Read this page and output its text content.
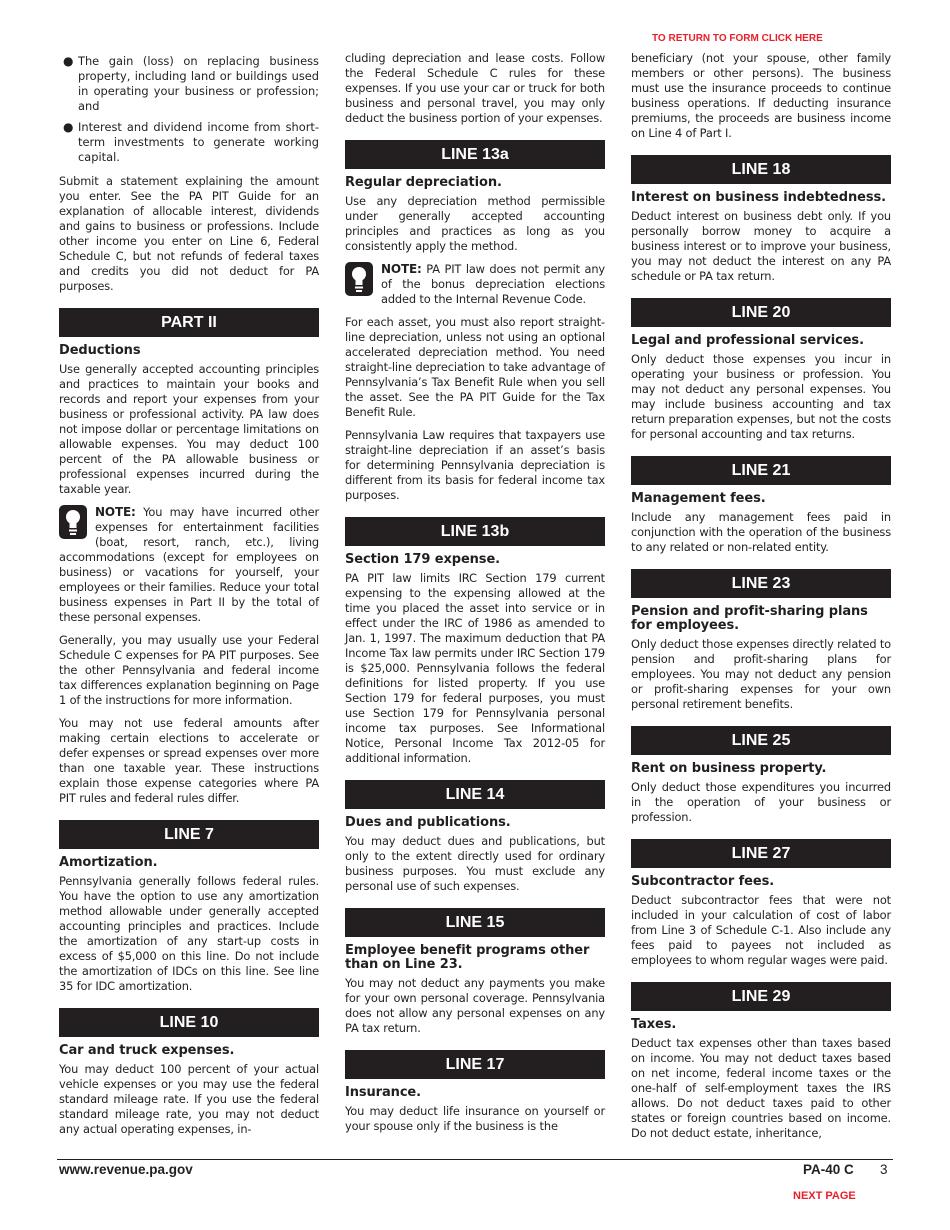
TO RETURN TO FORM CLICK HERE
● The gain (loss) on replacing business property, including land or buildings used in operating your business or profession; and
● Interest and dividend income from short-term investments to generate working capital.

Submit a statement explaining the amount you enter. See the PA PIT Guide for an explanation of allocable interest, dividends and gains to business or professions. Include other income you enter on Line 6, Federal Schedule C, but not refunds of federal taxes and credits you did not deduct for PA purposes.

PART II
Deductions

Use generally accepted accounting principles and practices to maintain your books and records and report your expenses from your business or professional activity. PA law does not impose dollar or percentage limitations on allowable expenses. You may deduct 100 percent of the PA allowable business or professional expenses incurred during the taxable year.

NOTE: You may have incurred other expenses for entertainment facilities (boat, resort, ranch, etc.), living accommodations (except for employees on business) or vacations for yourself, your employees or their families. Reduce your total business expenses in Part II by the total of these personal expenses.

Generally, you may usually use your Federal Schedule C expenses for PA PIT purposes. See the other Pennsylvania and federal income tax differences explanation beginning on Page 1 of the instructions for more information.

You may not use federal amounts after making certain elections to accelerate or defer expenses or spread expenses over more than one taxable year. These instructions explain those expense categories where PA PIT rules and federal rules differ.

LINE 7
Amortization.

Pennsylvania generally follows federal rules. You have the option to use any amortization method allowable under generally accepted accounting principles and practices. Include the amortization of any start-up costs in excess of $5,000 on this line. Do not include the amortization of IDCs on this line. See line 35 for IDC amortization.

LINE 10
Car and truck expenses.

You may deduct 100 percent of your actual vehicle expenses or you may use the federal standard mileage rate. If you use the federal standard mileage rate, you may not deduct any actual operating expenses, in-

cluding depreciation and lease costs. Follow the Federal Schedule C rules for these expenses. If you use your car or truck for both business and personal travel, you may only deduct the business portion of your expenses.

LINE 13a
Regular depreciation.

Use any depreciation method permissible under generally accepted accounting principles and practices as long as you consistently apply the method.

NOTE: PA PIT law does not permit any of the bonus depreciation elections added to the Internal Revenue Code.

For each asset, you must also report straight-line depreciation, unless not using an optional accelerated depreciation method. You need straight-line depreciation to take advantage of Pennsylvania’s Tax Benefit Rule when you sell the asset. See the PA PIT Guide for the Tax Benefit Rule.

Pennsylvania Law requires that taxpayers use straight-line depreciation if an asset’s basis for determining Pennsylvania depreciation is different from its basis for federal income tax purposes.

LINE 13b
Section 179 expense.

PA PIT law limits IRC Section 179 current expensing to the expensing allowed at the time you placed the asset into service or in effect under the IRC of 1986 as amended to Jan. 1, 1997. The maximum deduction that PA Income Tax law permits under IRC Section 179 is $25,000. Pennsylvania follows the federal definitions for listed property. If you use Section 179 for federal purposes, you must use Section 179 for Pennsylvania personal income tax purposes. See Informational Notice, Personal Income Tax 2012-05 for additional information.

LINE 14
Dues and publications.

You may deduct dues and publications, but only to the extent directly used for ordinary business purposes. You must exclude any personal use of such expenses.

LINE 15
Employee benefit programs other than on Line 23.

You may not deduct any payments you make for your own personal coverage. Pennsylvania does not allow any personal expenses on any PA tax return.

LINE 17
Insurance.

You may deduct life insurance on yourself or your spouse only if the business is the

beneficiary (not your spouse, other family members or other persons). The business must use the insurance proceeds to continue business operations. If deducting insurance premiums, the proceeds are business income on Line 4 of Part I.

LINE 18
Interest on business indebtedness.

Deduct interest on business debt only. If you personally borrow money to acquire a business interest or to improve your business, you may not deduct the interest on any PA schedule or PA tax return.

LINE 20
Legal and professional services.

Only deduct those expenses you incur in operating your business or profession. You may not deduct any personal expenses. You may include business accounting and tax return preparation expenses, but not the costs for personal accounting and tax returns.

LINE 21
Management fees.

Include any management fees paid in conjunction with the operation of the business to any related or non-related entity.

LINE 23
Pension and profit-sharing plans for employees.

Only deduct those expenses directly related to pension and profit-sharing plans for employees. You may not deduct any pension or profit-sharing expenses for your own personal retirement benefits.

LINE 25
Rent on business property.

Only deduct those expenditures you incurred in the operation of your business or profession.

LINE 27
Subcontractor fees.

Deduct subcontractor fees that were not included in your calculation of cost of labor from Line 3 of Schedule C-1. Also include any fees paid to payees not included as employees to whom regular wages were paid.

LINE 29
Taxes.

Deduct tax expenses other than taxes based on income. You may not deduct taxes based on net income, federal income taxes or the one-half of self-employment taxes the IRS allows. Do not deduct taxes paid to other states or foreign countries based on income. Do not deduct estate, inheritance,

www.revenue.pa.gov	PA-40 C 3
NEXT PAGE
